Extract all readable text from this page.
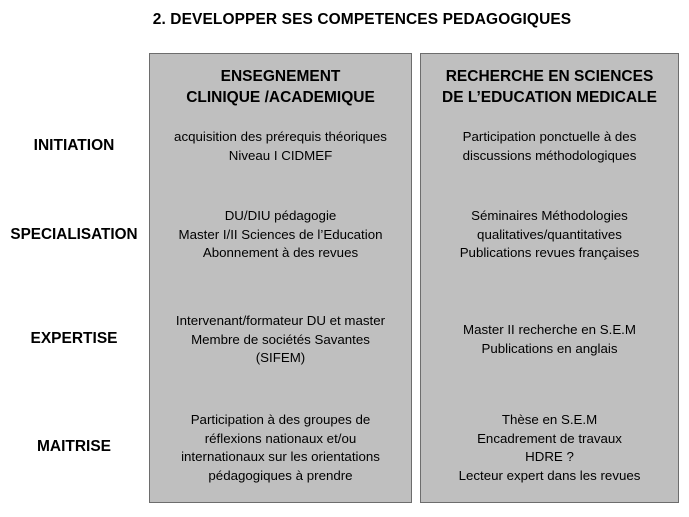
2. DEVELOPPER SES COMPETENCES PEDAGOGIQUES
INITIATION
SPECIALISATION
EXPERTISE
MAITRISE
ENSEGNEMENT
CLINIQUE /ACADEMIQUE
acquisition des prérequis théoriques
Niveau I CIDMEF
DU/DIU pédagogie
Master I/II Sciences de l’Education
Abonnement à des revues
Intervenant/formateur DU et master
Membre de sociétés Savantes
(SIFEM)
Participation à des groupes de
réflexions nationaux et/ou
internationaux sur les orientations
pédagogiques à prendre
RECHERCHE EN SCIENCES
DE L’EDUCATION MEDICALE
Participation ponctuelle à des
discussions méthodologiques
Séminaires Méthodologies
qualitatives/quantitatives
Publications revues françaises
Master II recherche en S.E.M
Publications en anglais
Thèse en S.E.M
Encadrement de travaux
HDRE ?
Lecteur expert dans les revues
